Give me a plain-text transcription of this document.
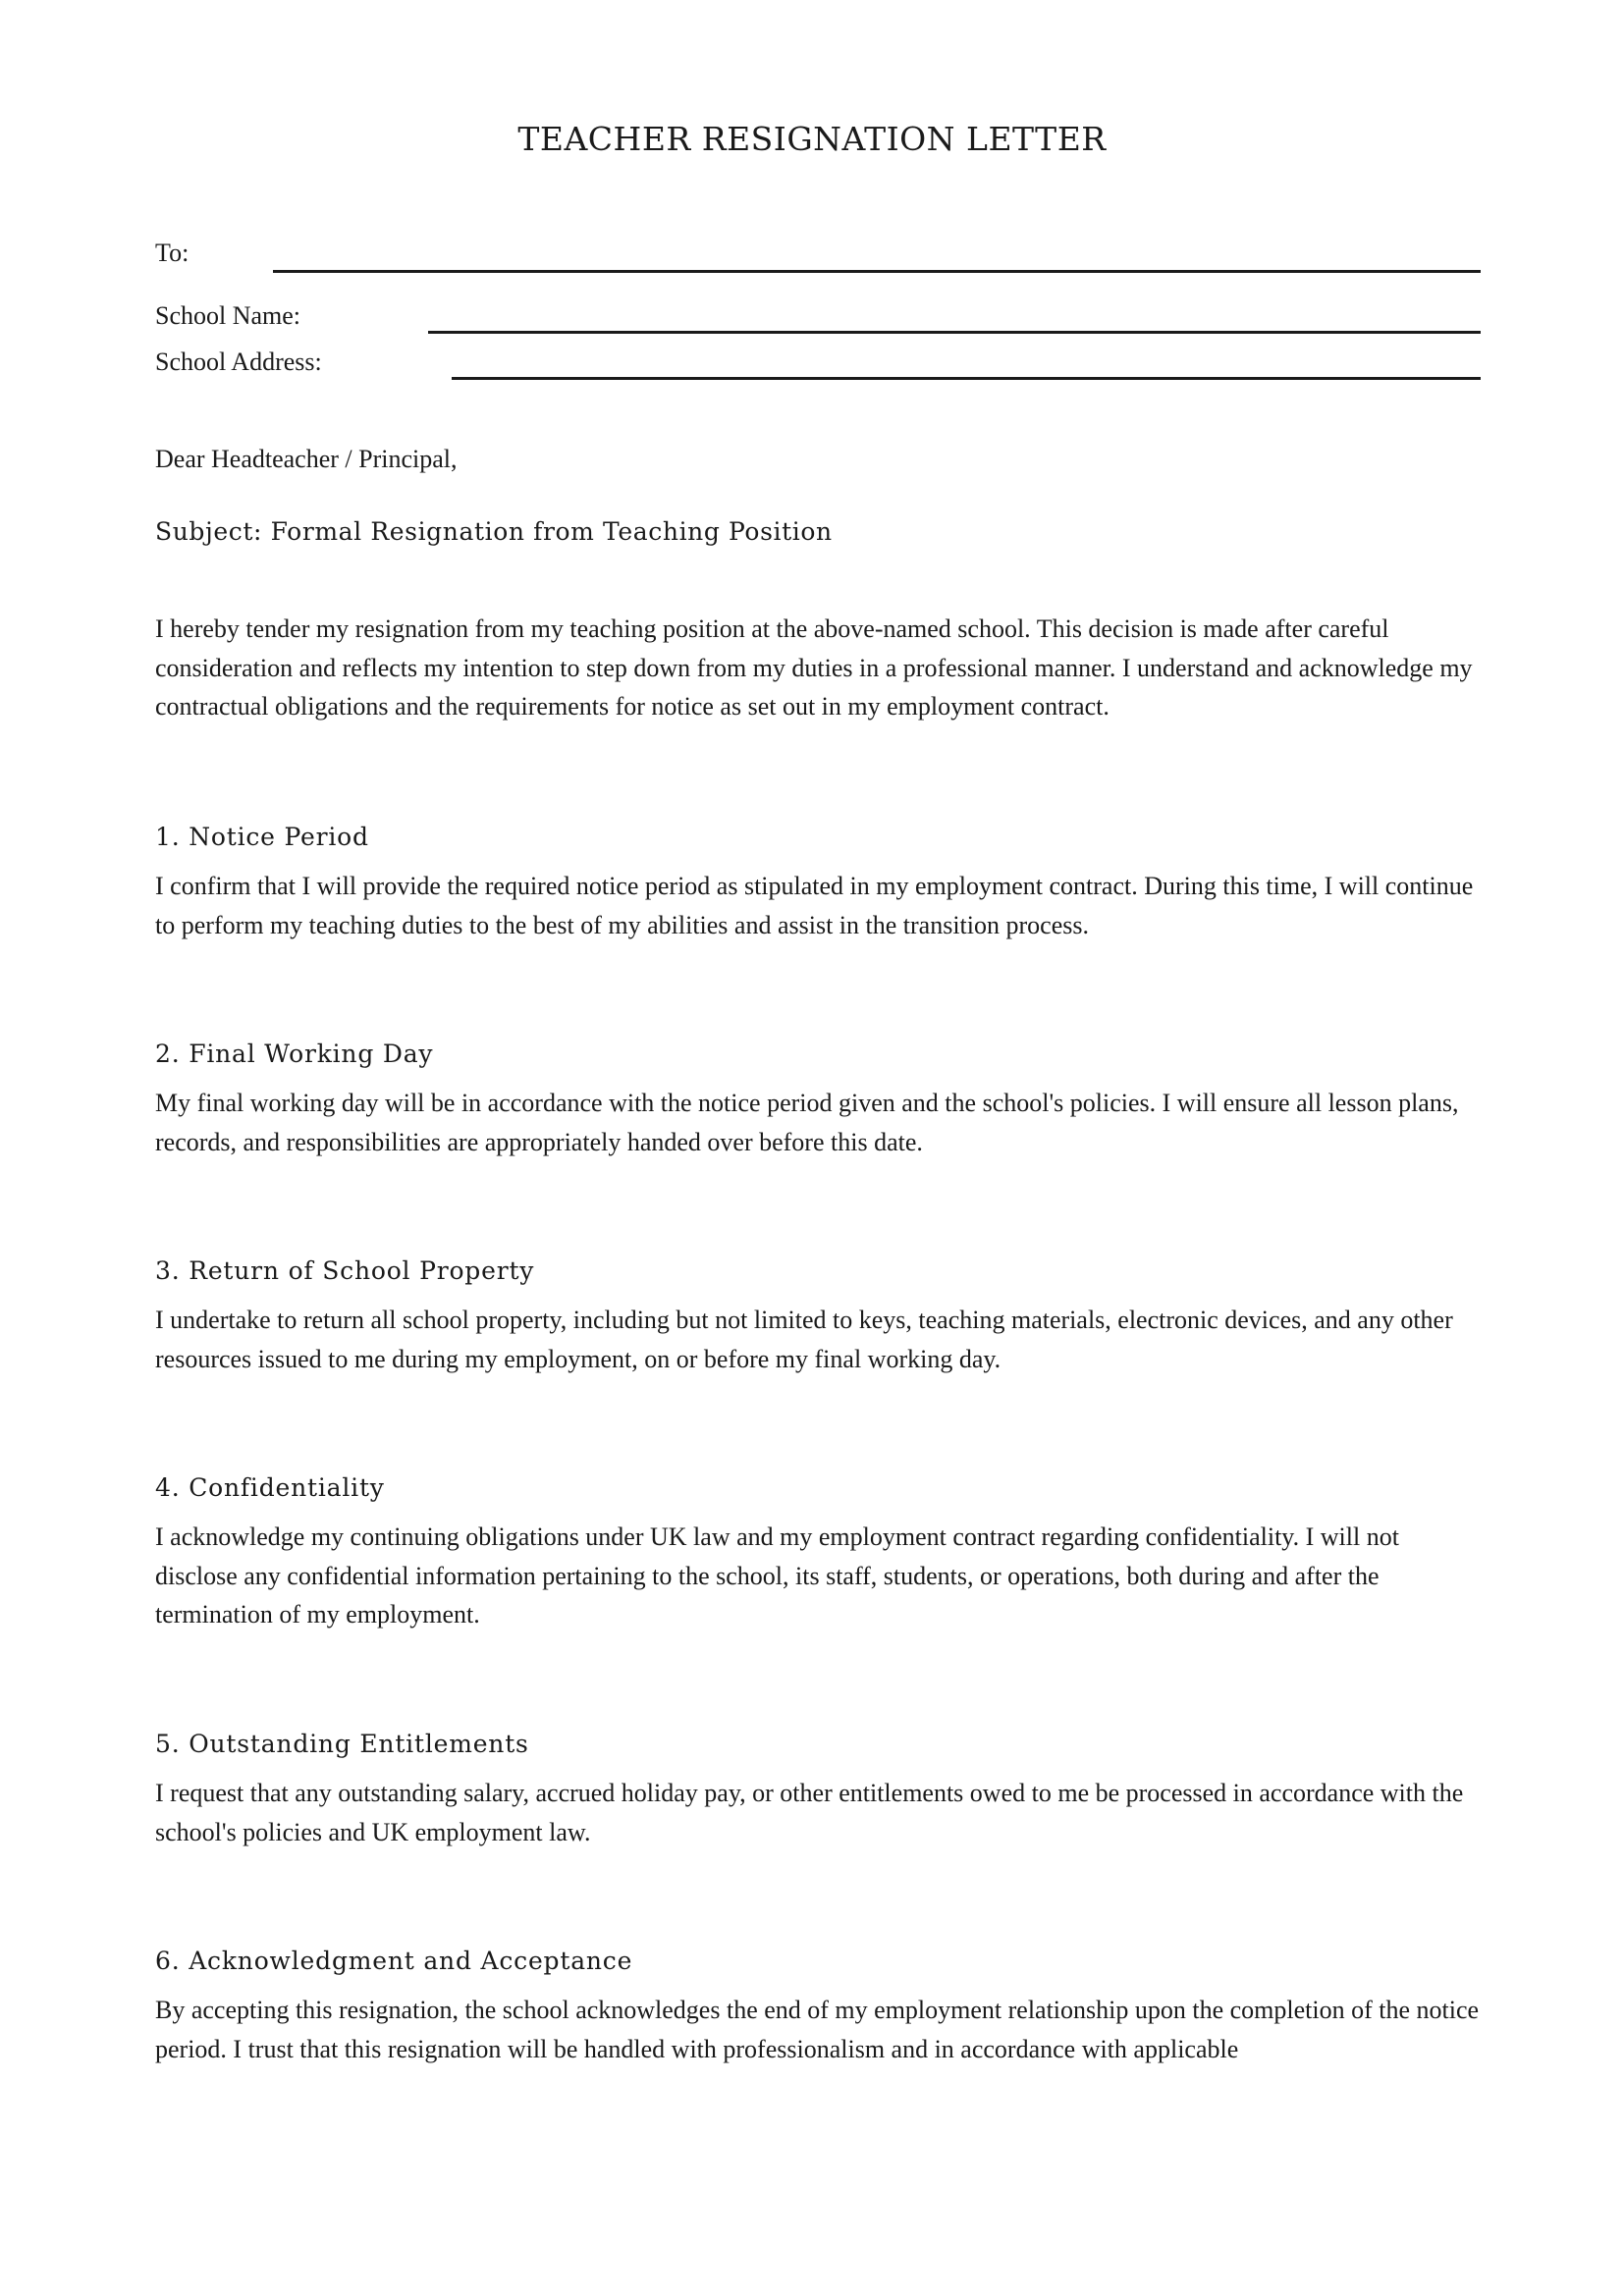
TEACHER RESIGNATION LETTER
To:
School Name:
School Address:

Dear Headteacher / Principal,

Subject: Formal Resignation from Teaching Position

I hereby tender my resignation from my teaching position at the above-named school. This decision is made after careful consideration and reflects my intention to step down from my duties in a professional manner. I understand and acknowledge my contractual obligations and the requirements for notice as set out in my employment contract.

1. Notice Period

I confirm that I will provide the required notice period as stipulated in my employment contract. During this time, I will continue to perform my teaching duties to the best of my abilities and assist in the transition process.

2. Final Working Day

My final working day will be in accordance with the notice period given and the school's policies. I will ensure all lesson plans, records, and responsibilities are appropriately handed over before this date.

3. Return of School Property

I undertake to return all school property, including but not limited to keys, teaching materials, electronic devices, and any other resources issued to me during my employment, on or before my final working day.

4. Confidentiality

I acknowledge my continuing obligations under UK law and my employment contract regarding confidentiality. I will not disclose any confidential information pertaining to the school, its staff, students, or operations, both during and after the termination of my employment.

5. Outstanding Entitlements

I request that any outstanding salary, accrued holiday pay, or other entitlements owed to me be processed in accordance with the school's policies and UK employment law.

6. Acknowledgment and Acceptance

By accepting this resignation, the school acknowledges the end of my employment relationship upon the completion of the notice period. I trust that this resignation will be handled with professionalism and in accordance with applicable
